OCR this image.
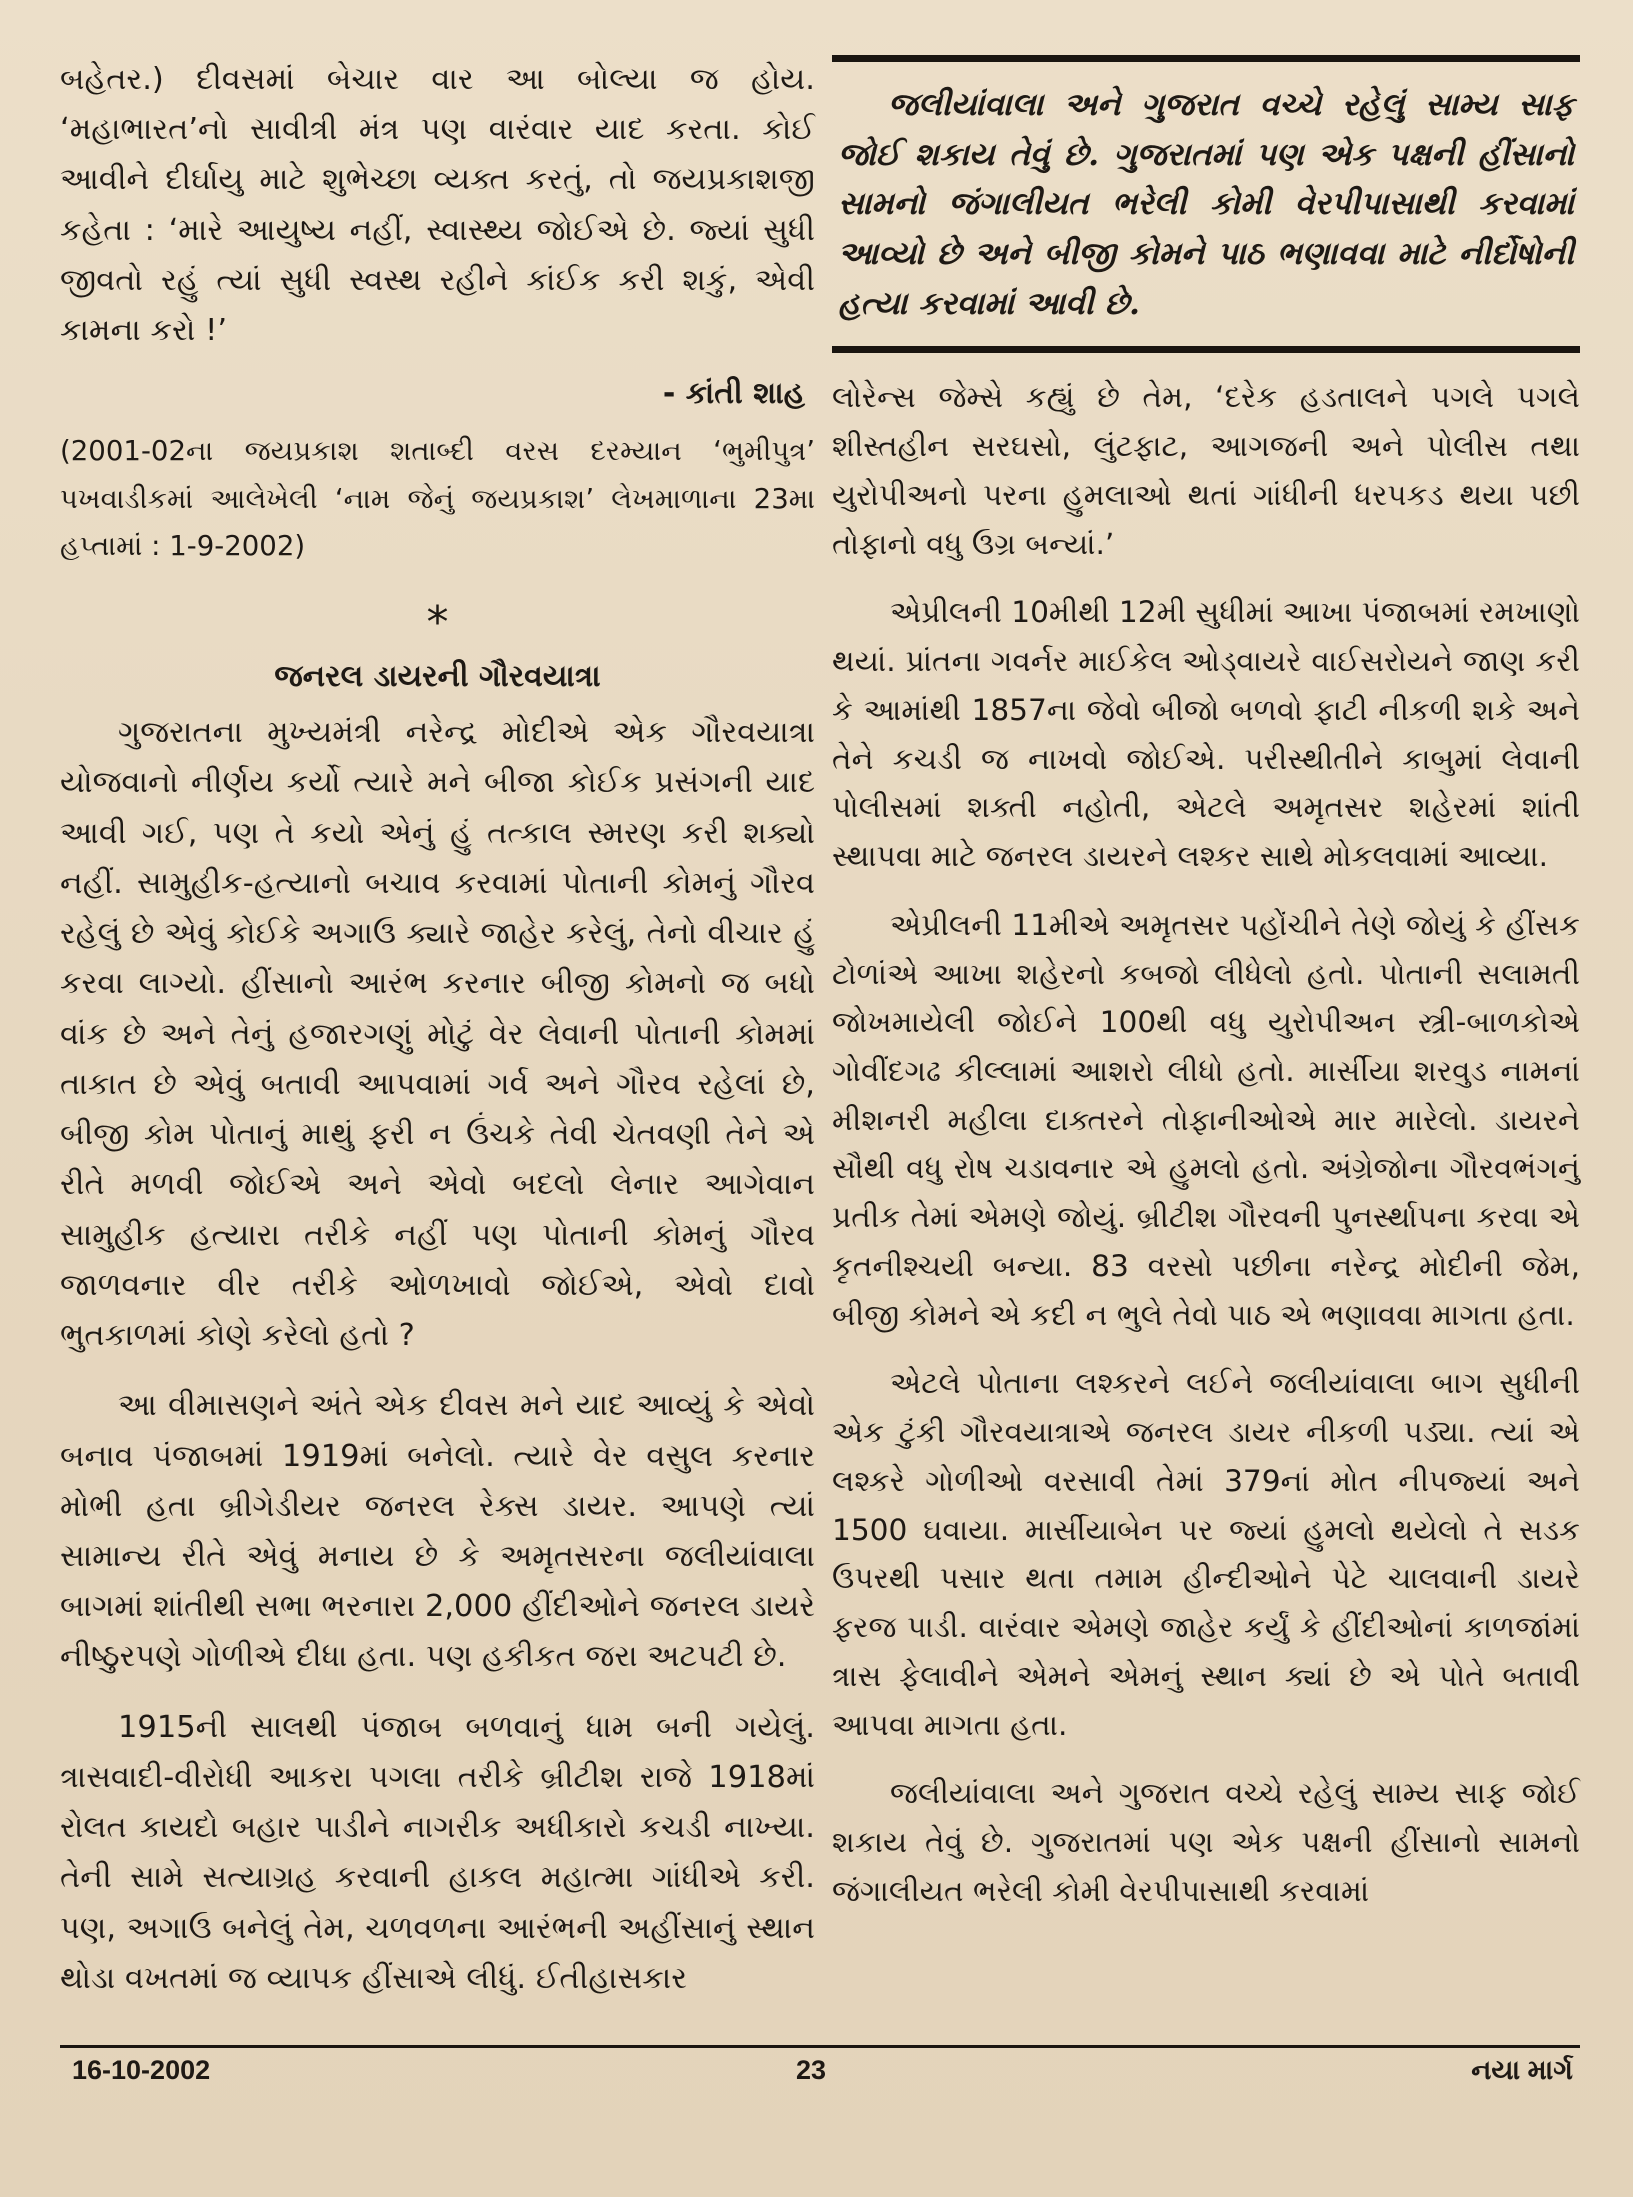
બહેતર.) દીવસમાં બેચાર વાર આ બોલ્યા જ હોય. ‘મહાભારત’નો સાવીત્રી મંત્ર પણ વારંવાર યાદ કરતા. કોઈ આવીને દીર્ઘાયુ માટે શુભેચ્છા વ્યક્ત કરતું, તો જયપ્રકાશજી કહેતા : ‘મારે આયુષ્ય નહીં, સ્વાસ્થ્ય જોઈએ છે. જ્યાં સુધી જીવતો રહું ત્યાં સુધી સ્વસ્થ રહીને કાંઈક કરી શકું, એવી કામના કરો !’

- કાંતી શાહ

(2001-02ના જયપ્રકાશ શતાબ્દી વરસ દરમ્યાન ‘ભુમીપુત્ર’ પખવાડીકમાં આલેખેલી ‘નામ જેનું જયપ્રકાશ’ લેખમાળાના 23મા હપ્તામાં : 1-9-2002)

*
જનરલ ડાયરની ગૌરવયાત્રા

ગુજરાતના મુખ્યમંત્રી નરેન્દ્ર મોદીએ એક ગૌરવયાત્રા યોજવાનો નીર્ણય કર્યો ત્યારે મને બીજા કોઈક પ્રસંગની યાદ આવી ગઈ, પણ તે કયો એનું હું તત્કાલ સ્મરણ કરી શક્યો નહીં. સામુહીક-હત્યાનો બચાવ કરવામાં પોતાની કોમનું ગૌરવ રહેલું છે એવું કોઈકે અગાઉ ક્યારે જાહેર કરેલું, તેનો વીચાર હું કરવા લાગ્યો. હીંસાનો આરંભ કરનાર બીજી કોમનો જ બધો વાંક છે અને તેનું હજારગણું મોટું વેર લેવાની પોતાની કોમમાં તાકાત છે એવું બતાવી આપવામાં ગર્વ અને ગૌરવ રહેલાં છે, બીજી કોમ પોતાનું માથું ફરી ન ઉંચકે તેવી ચેતવણી તેને એ રીતે મળવી જોઈએ અને એવો બદલો લેનાર આગેવાન સામુહીક હત્યારા તરીકે નહીં પણ પોતાની કોમનું ગૌરવ જાળવનાર વીર તરીકે ઓળખાવો જોઈએ, એવો દાવો ભુતકાળમાં કોણે કરેલો હતો ?

આ વીમાસણને અંતે એક દીવસ મને યાદ આવ્યું કે એવો બનાવ પંજાબમાં 1919માં બનેલો. ત્યારે વેર વસુલ કરનાર મોભી હતા બ્રીગેડીયર જનરલ રેક્સ ડાયર. આપણે ત્યાં સામાન્ય રીતે એવું મનાય છે કે અમૃતસરના જલીયાંવાલા બાગમાં શાંતીથી સભા ભરનારા 2,000 હીંદીઓને જનરલ ડાયરે નીષ્ઠુરપણે ગોળીએ દીધા હતા. પણ હકીકત જરા અટપટી છે.

1915ની સાલથી પંજાબ બળવાનું ધામ બની ગયેલું. ત્રાસવાદી-વીરોધી આકરા પગલા તરીકે બ્રીટીશ રાજે 1918માં રોલત કાયદો બહાર પાડીને નાગરીક અધીકારો કચડી નાખ્યા. તેની સામે સત્યાગ્રહ કરવાની હાકલ મહાત્મા ગાંધીએ કરી. પણ, અગાઉ બનેલું તેમ, ચળવળના આરંભની અહીંસાનું સ્થાન થોડા વખતમાં જ વ્યાપક હીંસાએ લીધું. ઈતીહાસકાર

જલીયાંવાલા અને ગુજરાત વચ્ચે રહેલું સામ્ય સાફ જોઈ શકાય તેવું છે. ગુજરાતમાં પણ એક પક્ષની હીંસાનો સામનો જંગાલીયત ભરેલી કોમી વેરપીપાસાથી કરવામાં આવ્યો છે અને બીજી કોમને પાઠ ભણાવવા માટે નીર્દોષોની હત્યા કરવામાં આવી છે.

લોરેન્સ જેમ્સે કહ્યું છે તેમ, ‘દરેક હડતાલને પગલે પગલે શીસ્તહીન સરઘસો, લુંટફાટ, આગજની અને પોલીસ તથા યુરોપીઅનો પરના હુમલાઓ થતાં ગાંધીની ધરપકડ થયા પછી તોફાનો વધુ ઉગ્ર બન્યાં.’

એપ્રીલની 10મીથી 12મી સુધીમાં આખા પંજાબમાં રમખાણો થયાં. પ્રાંતના ગવર્નર માઈકેલ ઓડ્વાયરે વાઈસરોયને જાણ કરી કે આમાંથી 1857ના જેવો બીજો બળવો ફાટી નીકળી શકે અને તેને કચડી જ નાખવો જોઈએ. પરીસ્થીતીને કાબુમાં લેવાની પોલીસમાં શક્તી નહોતી, એટલે અમૃતસર શહેરમાં શાંતી સ્થાપવા માટે જનરલ ડાયરને લશ્કર સાથે મોકલવામાં આવ્યા.

એપ્રીલની 11મીએ અમૃતસર પહોંચીને તેણે જોયું કે હીંસક ટોળાંએ આખા શહેરનો કબજો લીધેલો હતો. પોતાની સલામતી જોખમાયેલી જોઈને 100થી વધુ યુરોપીઅન સ્ત્રી-બાળકોએ ગોવીંદગઢ કીલ્લામાં આશરો લીધો હતો. માર્સીયા શરવુડ નામનાં મીશનરી મહીલા દાક્તરને તોફાનીઓએ માર મારેલો. ડાયરને સૌથી વધુ રોષ ચડાવનાર એ હુમલો હતો. અંગ્રેજોના ગૌરવભંગનું પ્રતીક તેમાં એમણે જોયું. બ્રીટીશ ગૌરવની પુનર્સ્થાપના કરવા એ કૃતનીશ્ચયી બન્યા. 83 વરસો પછીના નરેન્દ્ર મોદીની જેમ, બીજી કોમને એ કદી ન ભુલે તેવો પાઠ એ ભણાવવા માગતા હતા.

એટલે પોતાના લશ્કરને લઈને જલીયાંવાલા બાગ સુધીની એક ટુંકી ગૌરવયાત્રાએ જનરલ ડાયર નીકળી પડ્યા. ત્યાં એ લશ્કરે ગોળીઓ વરસાવી તેમાં 379નાં મોત નીપજ્યાં અને 1500 ઘવાયા. માર્સીયાબેન પર જ્યાં હુમલો થયેલો તે સડક ઉપરથી પસાર થતા તમામ હીન્દીઓને પેટે ચાલવાની ડાયરે ફરજ પાડી. વારંવાર એમણે જાહેર કર્યું કે હીંદીઓનાં કાળજાંમાં ત્રાસ ફેલાવીને એમને એમનું સ્થાન ક્યાં છે એ પોતે બતાવી આપવા માગતા હતા.

જલીયાંવાલા અને ગુજરાત વચ્ચે રહેલું સામ્ય સાફ જોઈ શકાય તેવું છે. ગુજરાતમાં પણ એક પક્ષની હીંસાનો સામનો જંગાલીયત ભરેલી કોમી વેરપીપાસાથી કરવામાં

16-10-2002	23	નયા માર્ગ
